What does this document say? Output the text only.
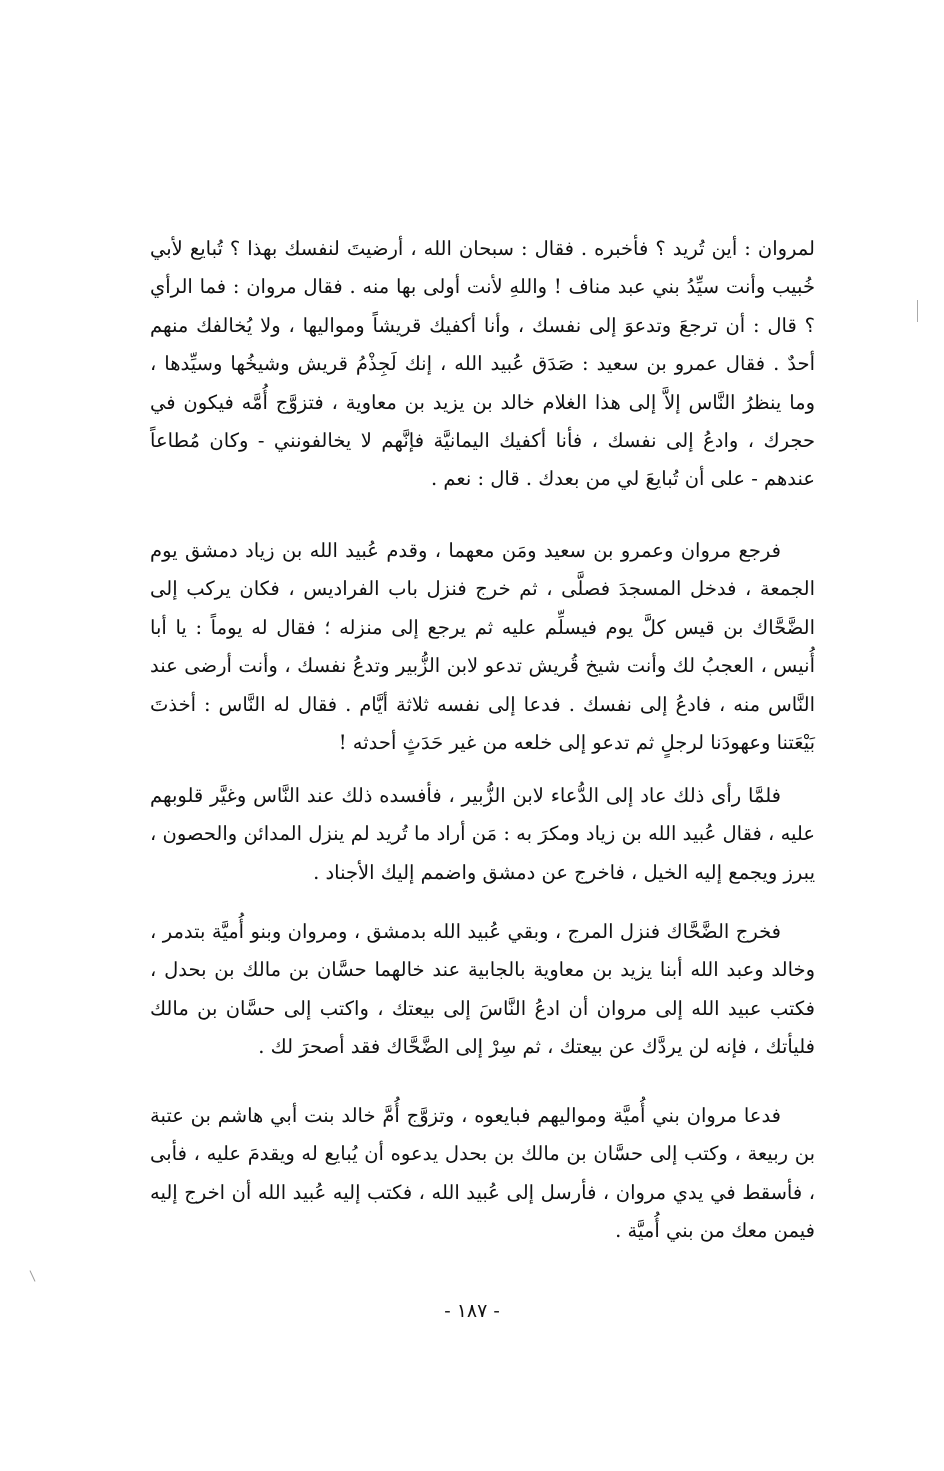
لمروان : أين تُريد ؟ فأخبره . فقال : سبحان الله ، أرضيتَ لنفسك بهذا ؟ تُبايع لأبي خُبيب وأنت سيِّدُ بني عبد مناف ! واللهِ لأنت أولى بها منه . فقال مروان : فما الرأي ؟ قال : أن ترجعَ وتدعوَ إلى نفسك ، وأنا أكفيك قريشاً ومواليها ، ولا يُخالفك منهم أحدٌ . فقال عمرو بن سعيد : صَدَق عُبيد الله ، إنك لَجِذْمُ قريش وشيخُها وسيِّدها ، وما ينظرُ النَّاس إلاَّ إلى هذا الغلام خالد بن يزيد بن معاوية ، فتزوَّج أُمَّه فيكون في حجرك ، وادعُ إلى نفسك ، فأنا أكفيك اليمانيَّة فإنَّهم لا يخالفونني - وكان مُطاعاً عندهم - على أن تُبايعَ لي من بعدك . قال : نعم .

فرجع مروان وعمرو بن سعيد ومَن معهما ، وقدم عُبيد الله بن زياد دمشق يوم الجمعة ، فدخل المسجدَ فصلَّى ، ثم خرج فنزل باب الفراديس ، فكان يركب إلى الضَّحَّاك بن قيس كلَّ يوم فيسلِّم عليه ثم يرجع إلى منزله ؛ فقال له يوماً : يا أبا أُنيس ، العجبُ لك وأنت شيخ قُريش تدعو لابن الزُّبير وتدعُ نفسك ، وأنت أرضى عند النَّاس منه ، فادعُ إلى نفسك . فدعا إلى نفسه ثلاثة أيَّام . فقال له النَّاس : أخذتَ بَيْعَتنا وعهودَنا لرجلٍ ثم تدعو إلى خلعه من غير حَدَثٍ أحدثه !

فلمَّا رأى ذلك عاد إلى الدُّعاء لابن الزُّبير ، فأفسده ذلك عند النَّاس وغيَّر قلوبهم عليه ، فقال عُبيد الله بن زياد ومكرَ به : مَن أراد ما تُريد لم ينزل المدائن والحصون ، يبرز ويجمع إليه الخيل ، فاخرج عن دمشق واضمم إليك الأجناد .

فخرج الضَّحَّاك فنزل المرج ، وبقي عُبيد الله بدمشق ، ومروان وبنو أُميَّة بتدمر ، وخالد وعبد الله أبنا يزيد بن معاوية بالجابية عند خالهما حسَّان بن مالك بن بحدل ، فكتب عبيد الله إلى مروان أن ادعُ النَّاسَ إلى بيعتك ، واكتب إلى حسَّان بن مالك فليأتك ، فإنه لن يردَّك عن بيعتك ، ثم سِرْ إلى الضَّحَّاك فقد أصحرَ لك .

فدعا مروان بني أُميَّة ومواليهم فبايعوه ، وتزوَّج أُمَّ خالد بنت أبي هاشم بن عتبة بن ربيعة ، وكتب إلى حسَّان بن مالك بن بحدل يدعوه أن يُبايع له ويقدمَ عليه ، فأبى ، فأسقط في يدي مروان ، فأرسل إلى عُبيد الله ، فكتب إليه عُبيد الله أن اخرج إليه فيمن معك من بني أُميَّة .

- ١٨٧ -
